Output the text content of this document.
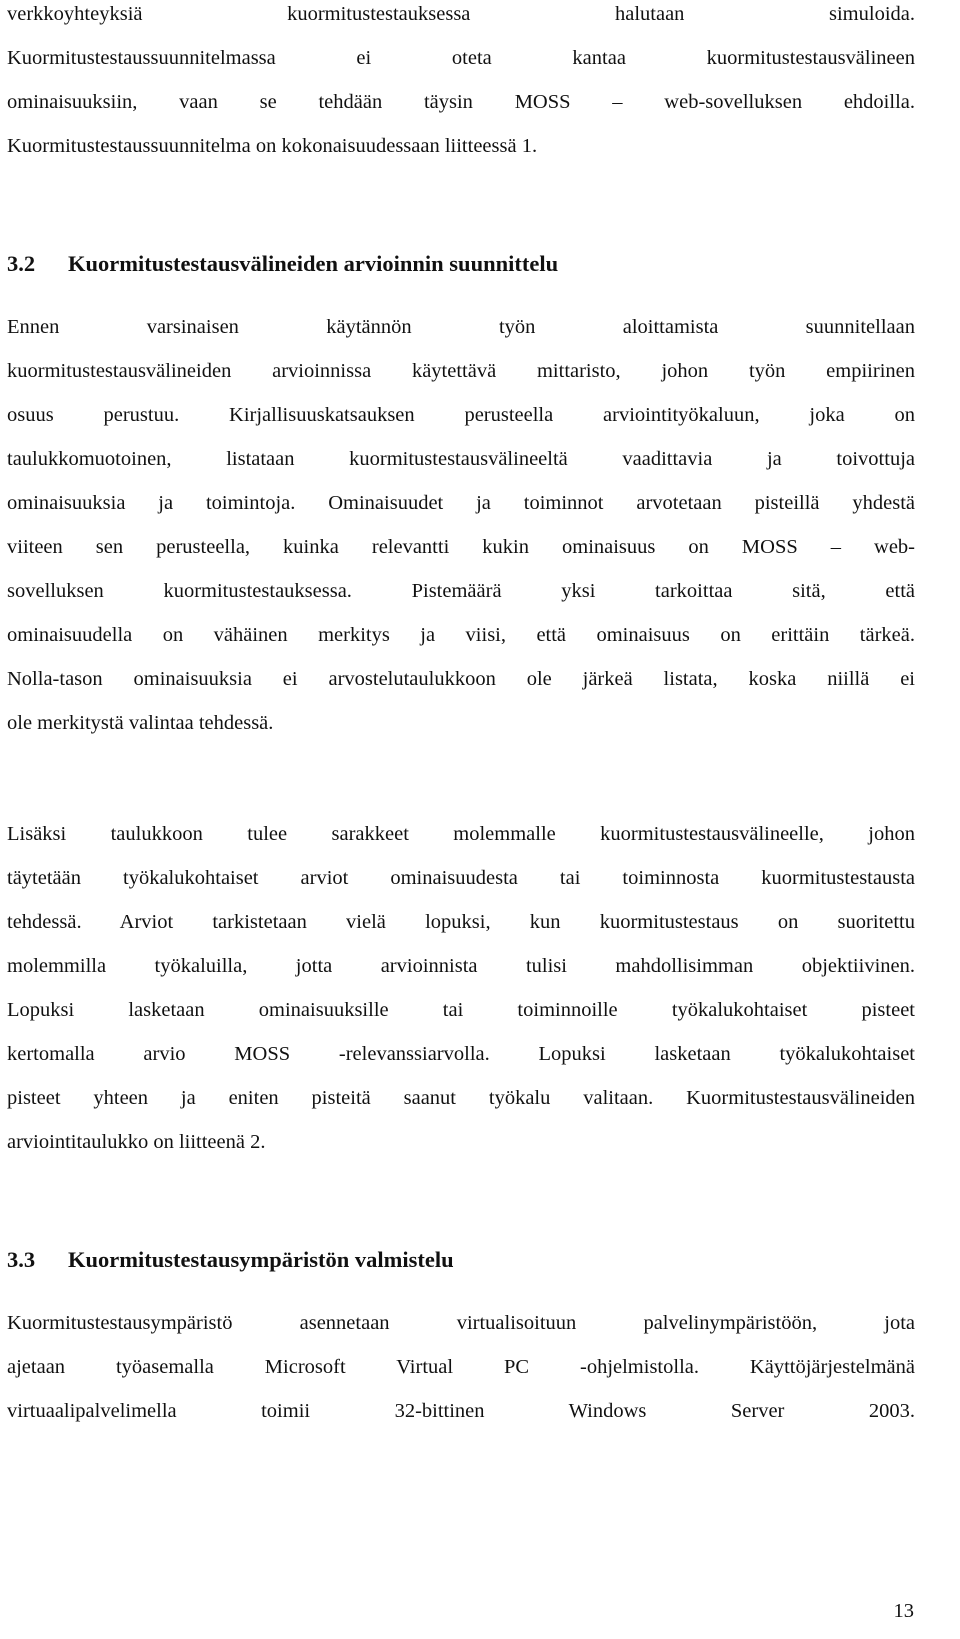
verkkoyhteyksiä kuormitustestauksessa halutaan simuloida.
Kuormitustestaussuunnitelmassa ei oteta kantaa kuormitustestausvälineen
ominaisuuksiin, vaan se tehdään täysin MOSS – web-sovelluksen ehdoilla.
Kuormitustestaussuunnitelma on kokonaisuudessaan liitteessä 1.
3.2 Kuormitustestausvälineiden arvioinnin suunnittelu
Ennen varsinaisen käytännön työn aloittamista suunnitellaan
kuormitustestausvälineiden arvioinnissa käytettävä mittaristo, johon työn empiirinen
osuus perustuu. Kirjallisuuskatsauksen perusteella arviointityökaluun, joka on
taulukkomuotoinen, listataan kuormitustestausvälineeltä vaadittavia ja toivottuja
ominaisuuksia ja toimintoja. Ominaisuudet ja toiminnot arvotetaan pisteillä yhdestä
viiteen sen perusteella, kuinka relevantti kukin ominaisuus on MOSS – web-
sovelluksen kuormitustestauksessa. Pistemäärä yksi tarkoittaa sitä, että
ominaisuudella on vähäinen merkitys ja viisi, että ominaisuus on erittäin tärkeä.
Nolla-tason ominaisuuksia ei arvostelutaulukkoon ole järkeä listata, koska niillä ei
ole merkitystä valintaa tehdessä.
Lisäksi taulukkoon tulee sarakkeet molemmalle kuormitustestausvälineelle, johon
täytetään työkalukohtaiset arviot ominaisuudesta tai toiminnosta kuormitustestausta
tehdessä. Arviot tarkistetaan vielä lopuksi, kun kuormitustestaus on suoritettu
molemmilla työkaluilla, jotta arvioinnista tulisi mahdollisimman objektiivinen.
Lopuksi lasketaan ominaisuuksille tai toiminnoille työkalukohtaiset pisteet
kertomalla arvio MOSS -relevanssiarvolla. Lopuksi lasketaan työkalukohtaiset
pisteet yhteen ja eniten pisteitä saanut työkalu valitaan. Kuormitustestausvälineiden
arviointitaulukko on liitteenä 2.
3.3 Kuormitustestausympäristön valmistelu
Kuormitustestausympäristö asennetaan virtualisoituun palvelinympäristöön, jota
ajetaan työasemalla Microsoft Virtual PC -ohjelmistolla. Käyttöjärjestelmänä
virtuaalipalvelimella toimii 32-bittinen Windows Server 2003.
13
